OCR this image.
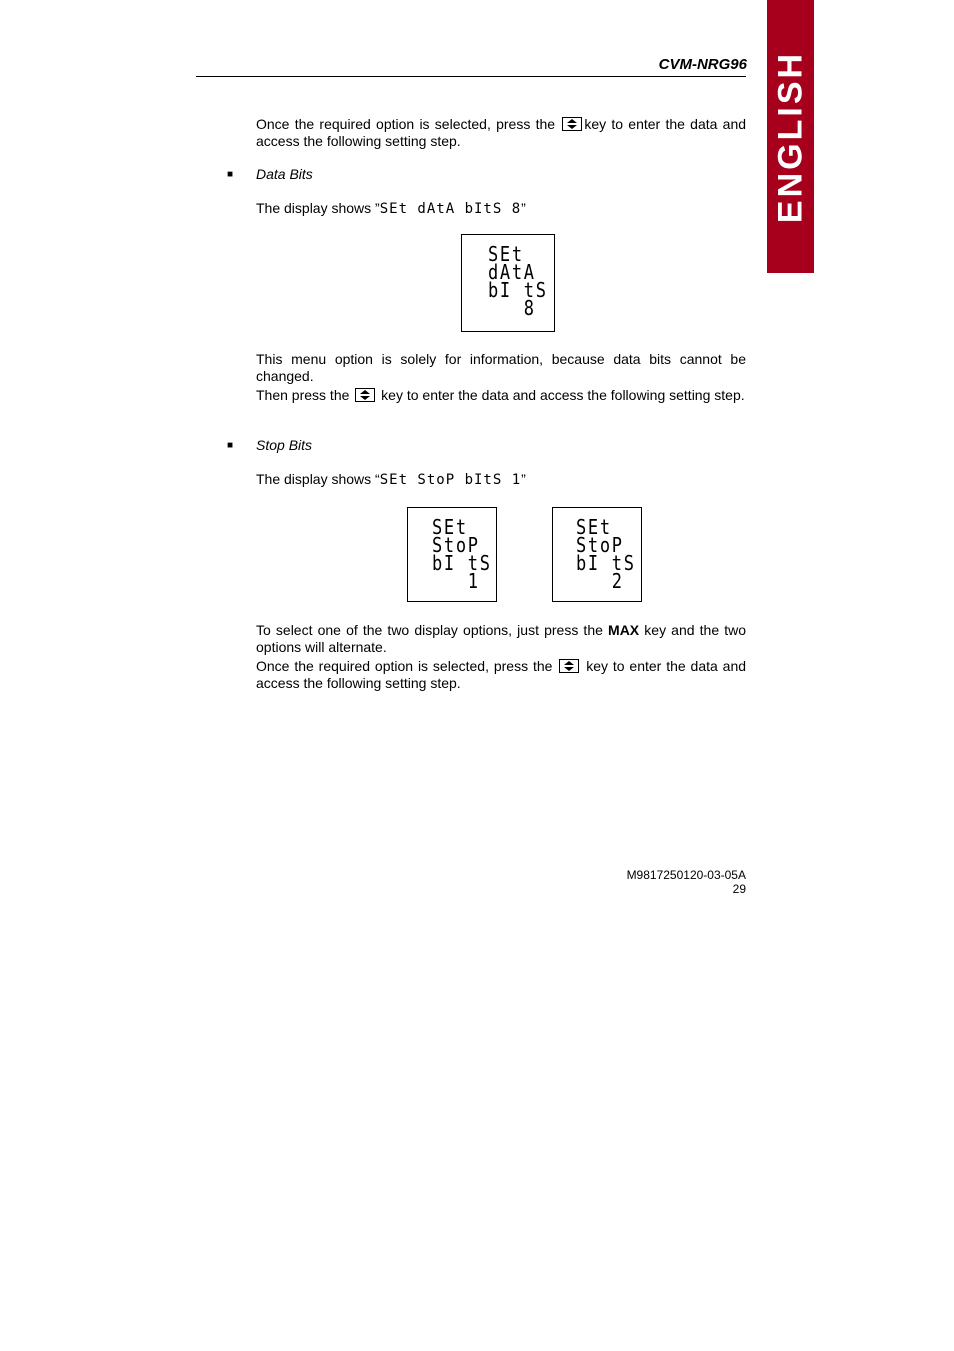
ENGLISH
CVM-NRG96
Once the required option is selected, press the key to enter the data and access the following setting step.
■ Data Bits
The display shows ”SEt dAtA bItS 8”
SEt
dAtA
bI tS
8
This menu option is solely for information, because data bits cannot be changed.
Then press the key to enter the data and access the following setting step.
■ Stop Bits
The display shows “SEt StoP bItS 1”
SEt
StoP
bI tS
1
SEt
StoP
bI tS
2
To select one of the two display options, just press the MAX key and the two options will alternate.
Once the required option is selected, press the key to enter the data and access the following setting step.
M9817250120-03-05A
29
